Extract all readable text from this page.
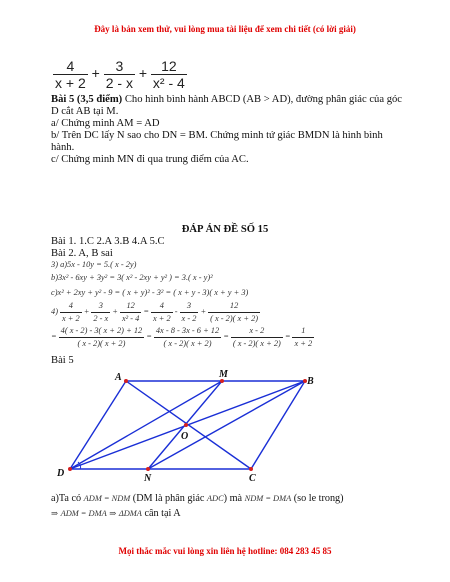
Đây là bản xem thử, vui lòng mua tài liệu để xem chi tiết (có lời giải)
$\frac{4}{x + 2} + \frac{3}{2 - x} + \frac{12}{\text{x² - 4}}$
Bài 5 (3,5 điểm) Cho hình bình hành ABCD (AB > AD), đường phân giác của góc
D cắt AB tại M.
a/ Chứng minh AM = AD
b/ Trên DC lấy N sao cho DN = BM. Chứng minh tứ giác BMDN là hình bình
hành.
c/ Chứng minh MN đi qua trung điểm của AC.
ĐÁP ÁN ĐỀ SỐ 15
Bài 1. 1.C 2.A 3.B 4.A 5.C
Bài 2. A, B sai
3) a)5x - 10y = 5.( x - 2y)
b)3x² - 6xy + 3y² = 3( x² - 2xy + y² ) = 3.( x - y)²
c)x² + 2xy + y² - 9 = ( x + y)² - 3² = ( x + y - 3)( x + y + 3)
$4) \frac{4}{x + 2} + \frac{3}{2 - x} + \frac{12}{\text{x² - 4}} = \frac{4}{x + 2} - \frac{3}{x - 2} + \frac{12}{( x - 2)( x + 2)}$
= $\frac{4( x - 2) - 3( x + 2) + 12}{( x - 2)( x + 2)} = \frac{4x - 8 - 3x - 6 + 12}{( x - 2)( x + 2)} = \frac{x - 2}{( x - 2)( x + 2)} = \frac{1}{x + 2}$
Bài 5
A	M
B
O
D	N	C
a)Ta có ADM = NDM (DM là phân giác ADC) mà NDM = DMA (so le trong)
⇒ ADM = DMA ⇒ ΔDMA cân tại A
Mọi thắc mắc vui lòng xin liên hệ hotline: 084 283 45 85
